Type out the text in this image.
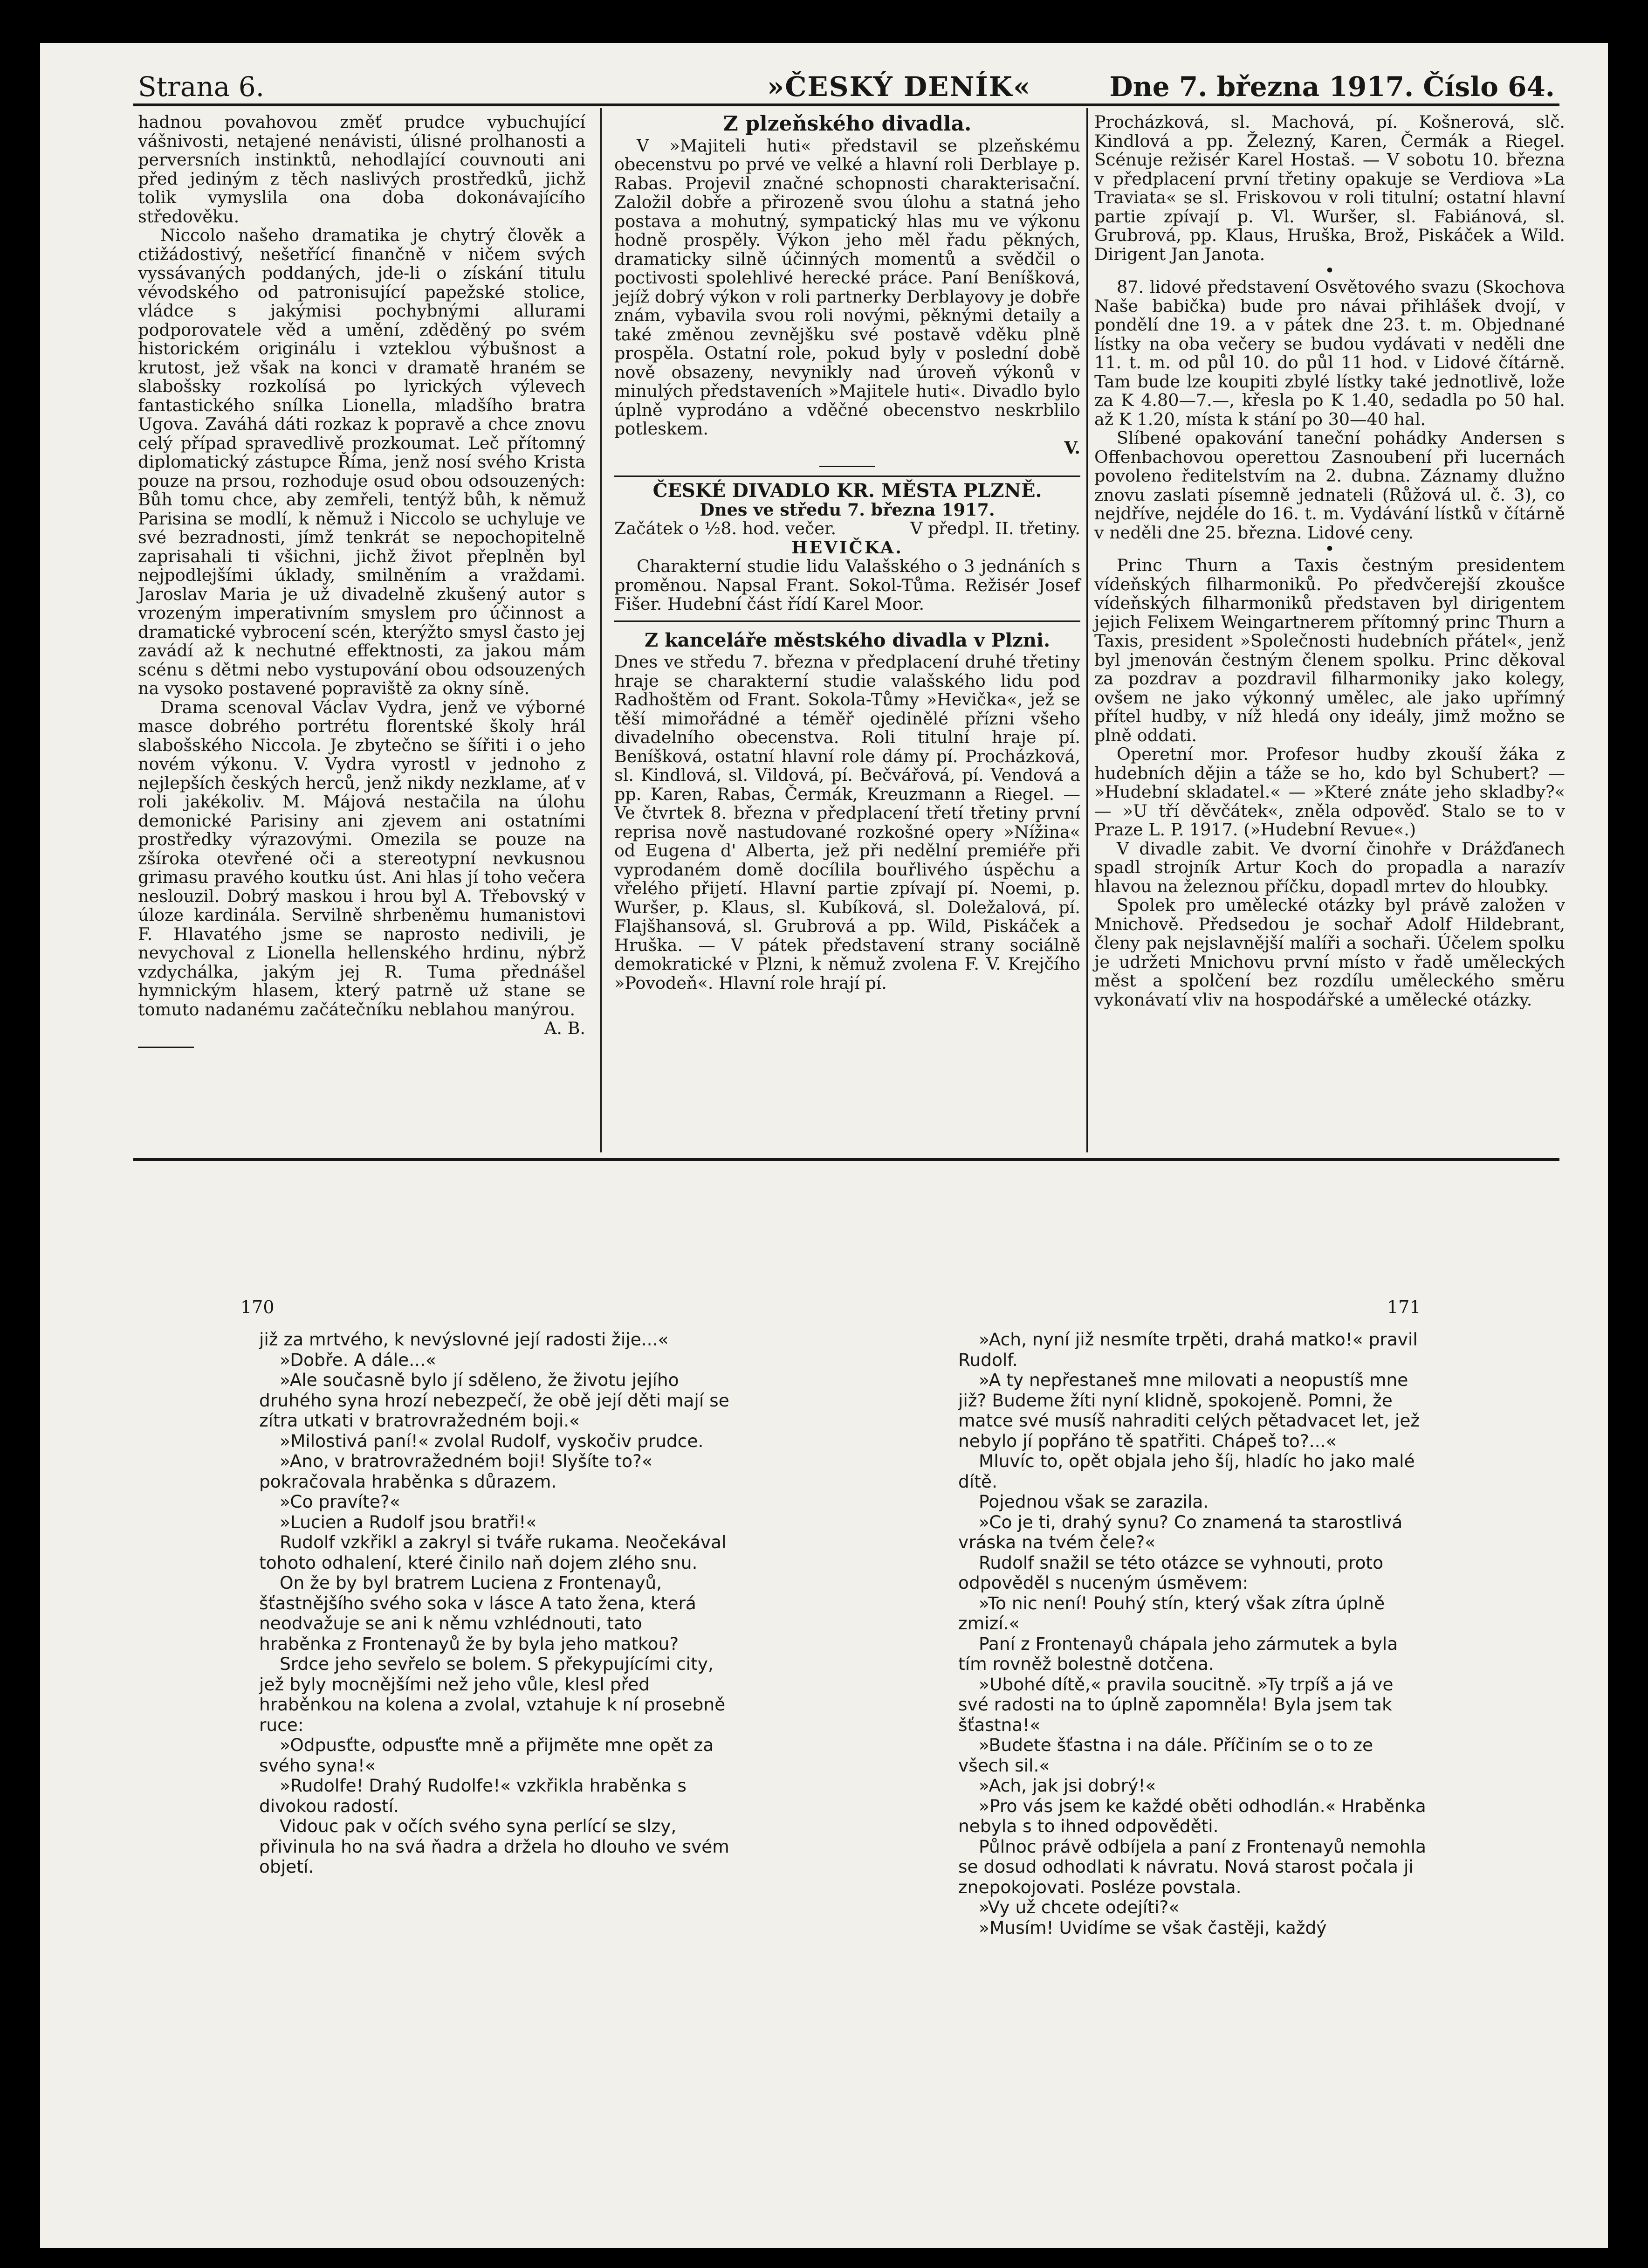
Strana 6.	»ČESKÝ DENÍK«	Dne 7. března 1917. Číslo 64.

hadnou povahovou změť prudce vybuchující vášnivosti, netajené nenávisti, úlisné prolhanosti a perversních instinktů, nehodlající couvnouti ani před jediným z těch naslivých prostředků, jichž tolik vymyslila ona doba dokonávajícího středověku.

Niccolo našeho dramatika je chytrý člověk a ctižádostivý, nešetřící finančně v ničem svých vyssávaných poddaných, jde-li o získání titulu vévodského od patronisující papežské stolice, vládce s jakýmisi pochybnými allurami podporovatele věd a umění, zděděný po svém historickém originálu i vzteklou výbušnost a krutost, jež však na konci v dramatě hraném se slabošsky rozkolísá po lyrických výlevech fantastického snílka Lionella, mladšího bratra Ugova. Zaváhá dáti rozkaz k popravě a chce znovu celý případ spravedlivě prozkoumat. Leč přítomný diplomatický zástupce Říma, jenž nosí svého Krista pouze na prsou, rozhoduje osud obou odsouzených: Bůh tomu chce, aby zemřeli, tentýž bůh, k němuž Parisina se modlí, k němuž i Niccolo se uchyluje ve své bezradnosti, jímž tenkrát se nepochopitelně zaprisahali ti všichni, jichž život přeplněn byl nejpodlejšími úklady, smilněním a vraždami. Jaroslav Maria je už divadelně zkušený autor s vrozeným imperativním smyslem pro účinnost a dramatické vybrocení scén, kterýžto smysl často jej zavádí až k nechutné effektnosti, za jakou mám scénu s dětmi nebo vystupování obou odsouzených na vysoko postavené popraviště za okny síně.

Drama scenoval Václav Vydra, jenž ve výborné masce dobrého portrétu florentské školy hrál slabošského Niccola. Je zbytečno se šířiti i o jeho novém výkonu. V. Vydra vyrostl v jednoho z nejlepších českých herců, jenž nikdy nezklame, ať v roli jakékoliv. M. Májová nestačila na úlohu demonické Parisiny ani zjevem ani ostatními prostředky výrazovými. Omezila se pouze na zšíroka otevřené oči a stereotypní nevkusnou grimasu pravého koutku úst. Ani hlas jí toho večera neslouzil. Dobrý maskou i hrou byl A. Třebovský v úloze kardinála. Servilně shrbeněmu humanistovi F. Hlavatého jsme se naprosto nedivili, je nevychoval z Lionella hellenského hrdinu, nýbrž vzdychálka, jakým jej R. Tuma přednášel hymnickým hlasem, který patrně už stane se tomuto nadanému začátečníku neblahou manýrou.

A. B.

Z plzeňského divadla.

V »Majiteli huti« představil se plzeňskému obecenstvu po prvé ve velké a hlavní roli Derblaye p. Rabas. Projevil značné schopnosti charakterisační. Založil dobře a přirozeně svou úlohu a statná jeho postava a mohutný, sympatický hlas mu ve výkonu hodně prospěly. Výkon jeho měl řadu pěkných, dramaticky silně účinných momentů a svědčil o poctivosti spolehlivé herecké práce. Paní Beníšková, jejíž dobrý výkon v roli partnerky Derblayovy je dobře znám, vybavila svou roli novými, pěknými detaily a také změnou zevnějšku své postavě vděku plně prospěla. Ostatní role, pokud byly v poslední době nově obsazeny, nevynikly nad úroveň výkonů v minulých představeních »Majitele huti«. Divadlo bylo úplně vyprodáno a vděčné obecenstvo neskrblilo potleskem.

V.

ČESKÉ DIVADLO KR. MĚSTA PLZNĚ.

Dnes ve středu 7. března 1917.

Začátek o ½8. hod. večer.	V předpl. II. třetiny.

HEVIČKA.

Charakterní studie lidu Valašského o 3 jednáních s proměnou. Napsal Frant. Sokol-Tůma. Režisér Josef Fišer. Hudební část řídí Karel Moor.

Z kanceláře městského divadla v Plzni.

Dnes ve středu 7. března v předplacení druhé třetiny hraje se charakterní studie valašského lidu pod Radhoštěm od Frant. Sokola-Tůmy »Hevička«, jež se těší mimořádné a téměř ojedinělé přízni všeho divadelního obecenstva. Roli titulní hraje pí. Beníšková, ostatní hlavní role dámy pí. Procházková, sl. Kindlová, sl. Vildová, pí. Bečvářová, pí. Vendová a pp. Karen, Rabas, Čermák, Kreuzmann a Riegel. — Ve čtvrtek 8. března v předplacení třetí třetiny první reprisa nově nastudované rozkošné opery »Nížina« od Eugena d' Alberta, jež při nedělní premiéře při vyprodaném domě docílila bouřlivého úspěchu a vřelého přijetí. Hlavní partie zpívají pí. Noemi, p. Wuršer, p. Klaus, sl. Kubíková, sl. Doležalová, pí. Flajšhansová, sl. Grubrová a pp. Wild, Piskáček a Hruška. — V pátek představení strany sociálně demokratické v Plzni, k němuž zvolena F. V. Krejčího »Povodeň«. Hlavní role hrají pí.

Procházková, sl. Machová, pí. Košnerová, slč. Kindlová a pp. Železný, Karen, Čermák a Riegel. Scénuje režisér Karel Hostaš. — V sobotu 10. března v předplacení první třetiny opakuje se Verdiova »La Traviata« se sl. Friskovou v roli titulní; ostatní hlavní partie zpívají p. Vl. Wuršer, sl. Fabiánová, sl. Grubrová, pp. Klaus, Hruška, Brož, Piskáček a Wild. Dirigent Jan Janota.

•

87. lidové představení Osvětového svazu (Skochova Naše babička) bude pro návai přihlášek dvojí, v pondělí dne 19. a v pátek dne 23. t. m. Objednané lístky na oba večery se budou vydávati v neděli dne 11. t. m. od půl 10. do půl 11 hod. v Lidové čítárně. Tam bude lze koupiti zbylé lístky také jednotlivě, lože za K 4.80—7.—, křesla po K 1.40, sedadla po 50 hal. až K 1.20, místa k stání po 30—40 hal.

Slíbené opakování taneční pohádky Andersen s Offenbachovou operettou Zasnoubení při lucernách povoleno ředitelstvím na 2. dubna. Záznamy dlužno znovu zaslati písemně jednateli (Růžová ul. č. 3), co nejdříve, nejdéle do 16. t. m. Vydávání lístků v čítárně v neděli dne 25. března. Lidové ceny.

•

Princ Thurn a Taxis čestným presidentem vídeňských filharmoniků. Po předvčerejší zkoušce vídeňských filharmoniků představen byl dirigentem jejich Felixem Weingartnerem přítomný princ Thurn a Taxis, president »Společnosti hudebních přátel«, jenž byl jmenován čestným členem spolku. Princ děkoval za pozdrav a pozdravil filharmoniky jako kolegy, ovšem ne jako výkonný umělec, ale jako upřímný přítel hudby, v níž hledá ony ideály, jimž možno se plně oddati.

Operetní mor. Profesor hudby zkouší žáka z hudebních dějin a táže se ho, kdo byl Schubert? — »Hudební skladatel.« — »Které znáte jeho skladby?« — »U tří děvčátek«, zněla odpověď. Stalo se to v Praze L. P. 1917. (»Hudební Revue«.)

V divadle zabit. Ve dvorní činohře v Drážďanech spadl strojník Artur Koch do propadla a narazív hlavou na železnou příčku, dopadl mrtev do hloubky.

Spolek pro umělecké otázky byl právě založen v Mnichově. Předsedou je sochař Adolf Hildebrant, členy pak nejslavnější malíři a sochaři. Účelem spolku je udržeti Mnichovu první místo v řadě uměleckých měst a spolčení bez rozdílu uměleckého směru vykonávatí vliv na hospodářské a umělecké otázky.

170	171

již za mrtvého, k nevýslovné její radosti žije...«

»Dobře. A dále...«

»Ale současně bylo jí sděleno, že životu jejího druhého syna hrozí nebezpečí, že obě její děti mají se zítra utkati v bratrovražedném boji.«

»Milostivá paní!« zvolal Rudolf, vyskočiv prudce.

»Ano, v bratrovražedném boji! Slyšíte to?« pokračovala hraběnka s důrazem.

»Co pravíte?«

»Lucien a Rudolf jsou bratři!«

Rudolf vzkřikl a zakryl si tváře rukama. Neočekával tohoto odhalení, které činilo naň dojem zlého snu.

On že by byl bratrem Luciena z Frontenayů, šťastnějšího svého soka v lásce A tato žena, která neodvažuje se ani k němu vzhlédnouti, tato hraběnka z Frontenayů že by byla jeho matkou?

Srdce jeho sevřelo se bolem. S překypujícími city, jež byly mocnějšími než jeho vůle, klesl před hraběnkou na kolena a zvolal, vztahuje k ní prosebně ruce:

»Odpusťte, odpusťte mně a přijměte mne opět za svého syna!«

»Rudolfe! Drahý Rudolfe!« vzkřikla hraběnka s divokou radostí.

Vidouc pak v očích svého syna perlící se slzy, přivinula ho na svá ňadra a držela ho dlouho ve svém objetí.

»Ach, nyní již nesmíte trpěti, drahá matko!« pravil Rudolf.

»A ty nepřestaneš mne milovati a neopustíš mne již? Budeme žíti nyní klidně, spokojeně. Pomni, že matce své musíš nahraditi celých pětadvacet let, jež nebylo jí popřáno tě spatřiti. Chápeš to?...«

Mluvíc to, opět objala jeho šíj, hladíc ho jako malé dítě.

Pojednou však se zarazila.

»Co je ti, drahý synu? Co znamená ta starostlivá vráska na tvém čele?«

Rudolf snažil se této otázce se vyhnouti, proto odpověděl s nuceným úsměvem:

»To nic není! Pouhý stín, který však zítra úplně zmizí.«

Paní z Frontenayů chápala jeho zármutek a byla tím rovněž bolestně dotčena.

»Ubohé dítě,« pravila soucitně. »Ty trpíš a já ve své radosti na to úplně zapomněla! Byla jsem tak šťastna!«

»Budete šťastna i na dále. Příčiním se o to ze všech sil.«

»Ach, jak jsi dobrý!«

»Pro vás jsem ke každé oběti odhodlán.« Hraběnka nebyla s to ihned odpověděti.

Půlnoc právě odbíjela a paní z Frontenayů nemohla se dosud odhodlati k návratu. Nová starost počala ji znepokojovati. Posléze povstala.

»Vy už chcete odejíti?«

»Musím! Uvidíme se však častěji, každý
